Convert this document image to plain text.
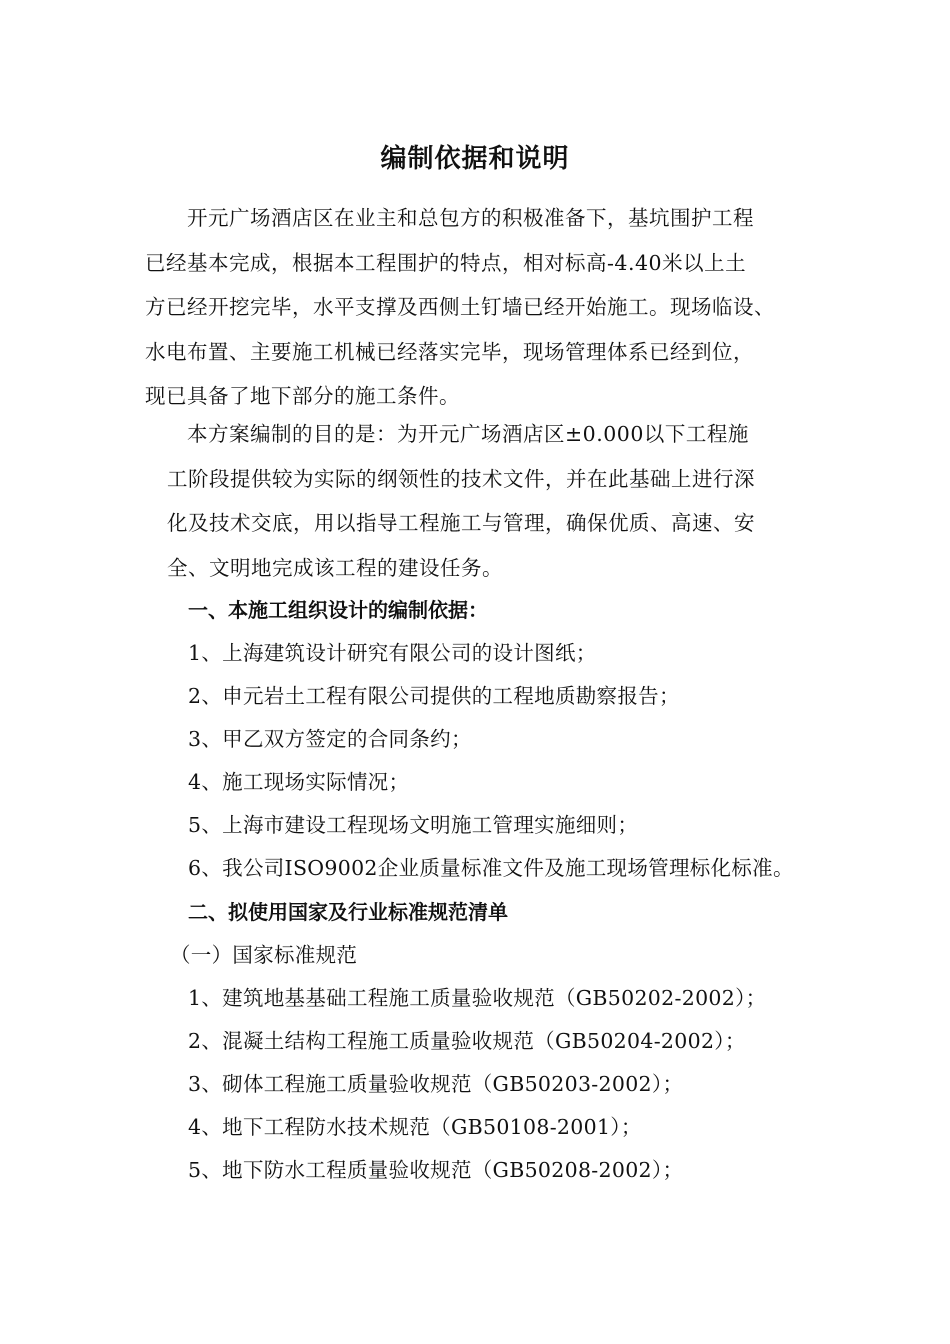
编制依据和说明
开元广场酒店区在业主和总包方的积极准备下，基坑围护工程
已经基本完成，根据本工程围护的特点，相对标高-4.40米以上土
方已经开挖完毕，水平支撑及西侧土钉墙已经开始施工。现场临设、
水电布置、主要施工机械已经落实完毕，现场管理体系已经到位，
现已具备了地下部分的施工条件。
本方案编制的目的是：为开元广场酒店区±0.000以下工程施
工阶段提供较为实际的纲领性的技术文件，并在此基础上进行深
化及技术交底，用以指导工程施工与管理，确保优质、高速、安
全、文明地完成该工程的建设任务。
一、本施工组织设计的编制依据：
1、上海建筑设计研究有限公司的设计图纸；
2、申元岩土工程有限公司提供的工程地质勘察报告；
3、甲乙双方签定的合同条约；
4、施工现场实际情况；
5、上海市建设工程现场文明施工管理实施细则；
6、我公司ISO9002企业质量标准文件及施工现场管理标化标准。
二、拟使用国家及行业标准规范清单
（一）国家标准规范
1、建筑地基基础工程施工质量验收规范（GB50202-2002）；
2、混凝土结构工程施工质量验收规范（GB50204-2002）；
3、砌体工程施工质量验收规范（GB50203-2002）；
4、地下工程防水技术规范（GB50108-2001）；
5、地下防水工程质量验收规范（GB50208-2002）；
